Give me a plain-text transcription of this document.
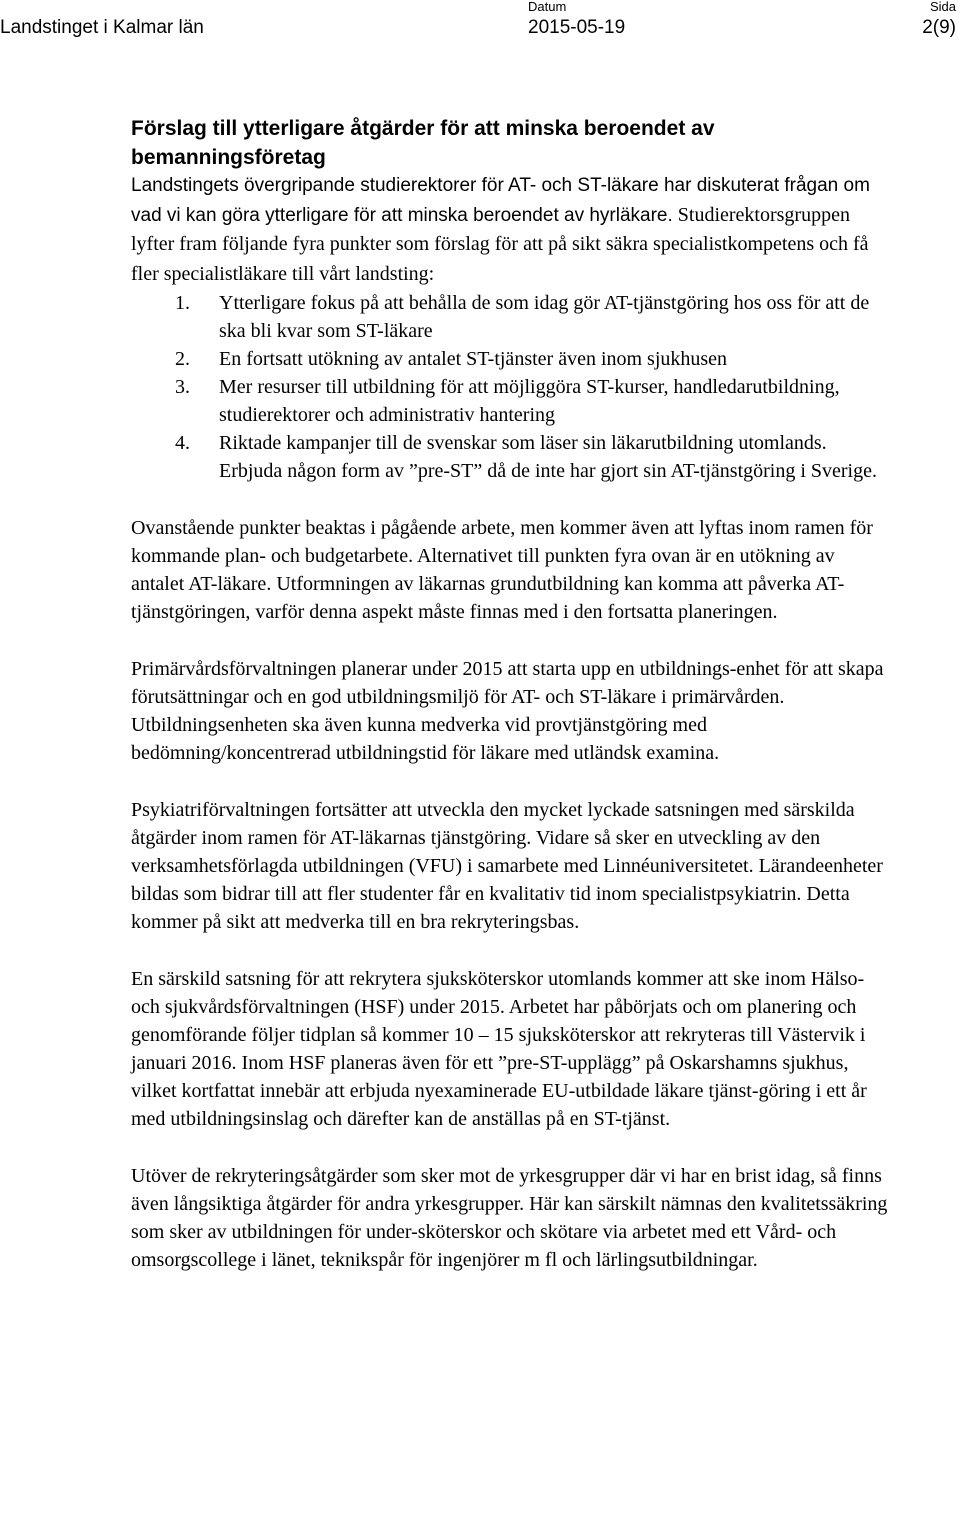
Landstinget i Kalmar län
Datum
2015-05-19
Sida
2(9)
Förslag till ytterligare åtgärder för att minska beroendet av bemanningsföretag

Landstingets övergripande studierektorer för AT- och ST-läkare har diskuterat frågan om vad vi kan göra ytterligare för att minska beroendet av hyrläkare. Studierektorsgruppen lyfter fram följande fyra punkter som förslag för att på sikt säkra specialistkompetens och få fler specialistläkare till vårt landsting:

1. Ytterligare fokus på att behålla de som idag gör AT-tjänstgöring hos oss för att de ska bli kvar som ST-läkare
2. En fortsatt utökning av antalet ST-tjänster även inom sjukhusen
3. Mer resurser till utbildning för att möjliggöra ST-kurser, handledarutbildning, studierektorer och administrativ hantering
4. Riktade kampanjer till de svenskar som läser sin läkarutbildning utomlands. Erbjuda någon form av ”pre-ST” då de inte har gjort sin AT-tjänstgöring i Sverige.

Ovanstående punkter beaktas i pågående arbete, men kommer även att lyftas inom ramen för kommande plan- och budgetarbete. Alternativet till punkten fyra ovan är en utökning av antalet AT-läkare. Utformningen av läkarnas grundutbildning kan komma att påverka AT-tjänstgöringen, varför denna aspekt måste finnas med i den fortsatta planeringen.

Primärvårdsförvaltningen planerar under 2015 att starta upp en utbildnings-enhet för att skapa förutsättningar och en god utbildningsmiljö för AT- och ST-läkare i primärvården. Utbildningsenheten ska även kunna medverka vid provtjänstgöring med bedömning/koncentrerad utbildningstid för läkare med utländsk examina.

Psykiatriförvaltningen fortsätter att utveckla den mycket lyckade satsningen med särskilda åtgärder inom ramen för AT-läkarnas tjänstgöring. Vidare så sker en utveckling av den verksamhetsförlagda utbildningen (VFU) i samarbete med Linnéuniversitetet. Lärandeenheter bildas som bidrar till att fler studenter får en kvalitativ tid inom specialistpsykiatrin. Detta kommer på sikt att medverka till en bra rekryteringsbas.

En särskild satsning för att rekrytera sjuksköterskor utomlands kommer att ske inom Hälso- och sjukvårdsförvaltningen (HSF) under 2015. Arbetet har påbörjats och om planering och genomförande följer tidplan så kommer 10 – 15 sjuksköterskor att rekryteras till Västervik i januari 2016. Inom HSF planeras även för ett ”pre-ST-upplägg” på Oskarshamns sjukhus, vilket kortfattat innebär att erbjuda nyexaminerade EU-utbildade läkare tjänst-göring i ett år med utbildningsinslag och därefter kan de anställas på en ST-tjänst.

Utöver de rekryteringsåtgärder som sker mot de yrkesgrupper där vi har en brist idag, så finns även långsiktiga åtgärder för andra yrkesgrupper. Här kan särskilt nämnas den kvalitetssäkring som sker av utbildningen för under-sköterskor och skötare via arbetet med ett Vård- och omsorgscollege i länet, teknikspår för ingenjörer m fl och lärlingsutbildningar.
